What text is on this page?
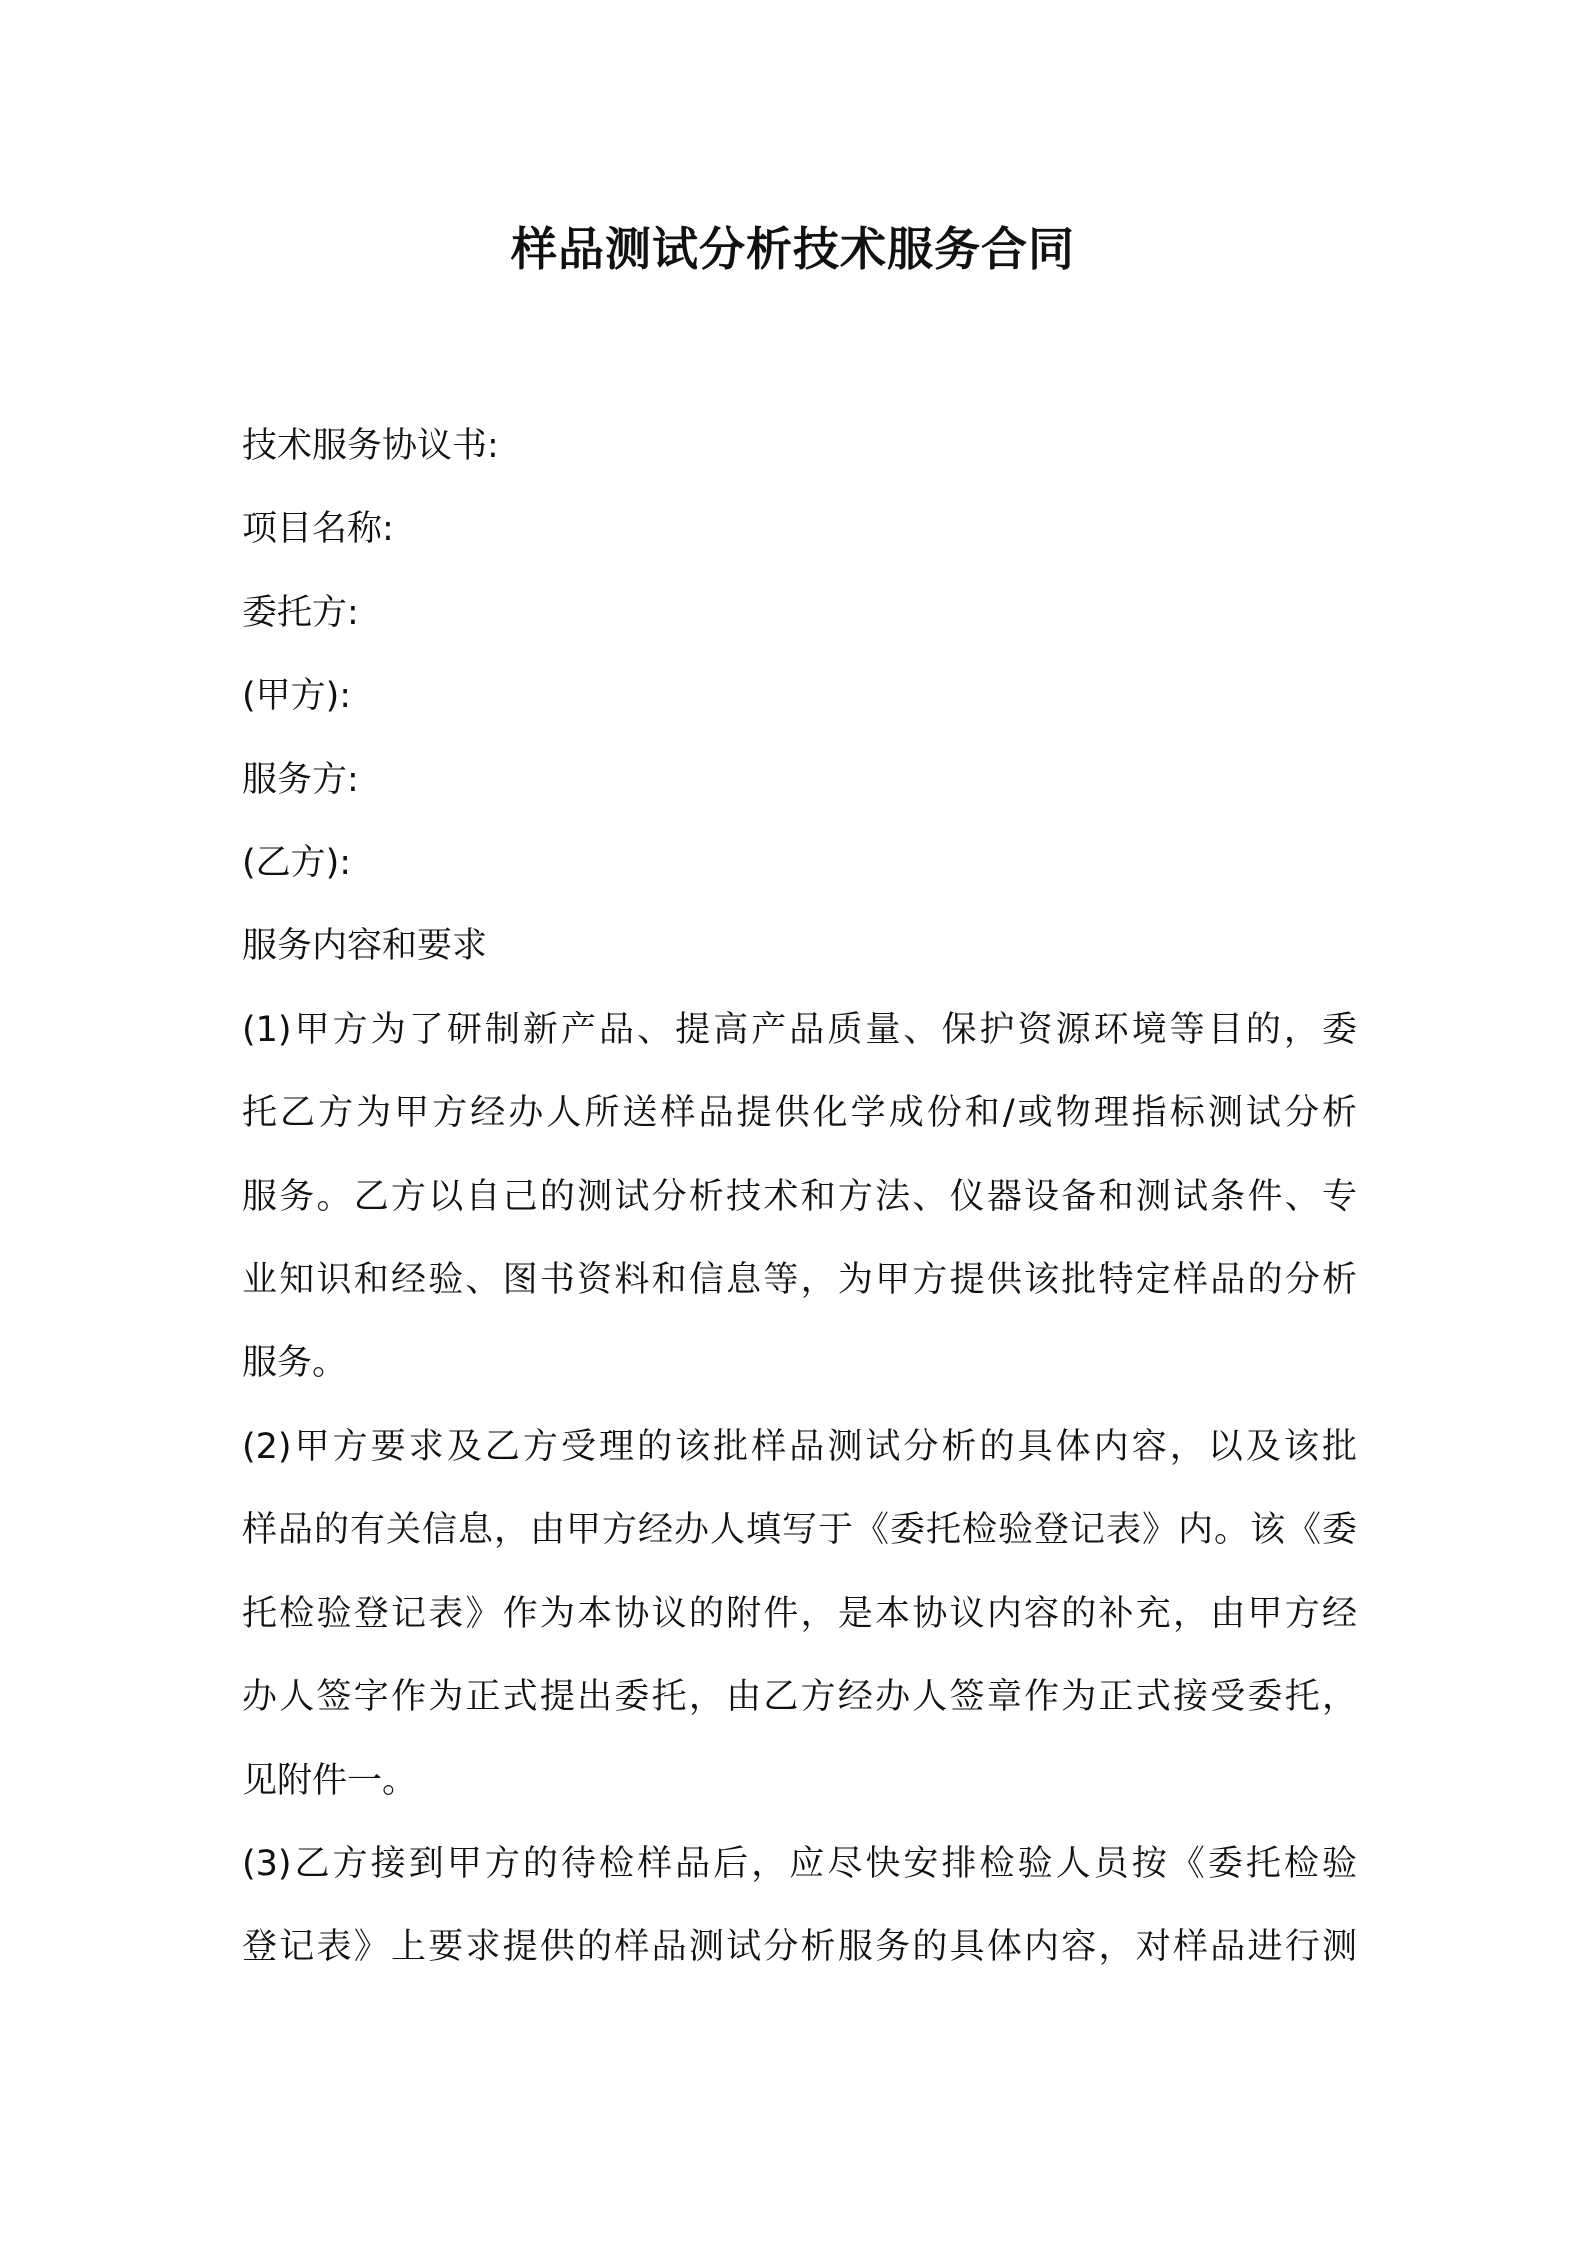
样品测试分析技术服务合同
技术服务协议书:
项目名称:
委托方:
(甲方):
服务方:
(乙方):
服务内容和要求
(1)甲方为了研制新产品、提高产品质量、保护资源环境等目的，委
托乙方为甲方经办人所送样品提供化学成份和/或物理指标测试分析
服务。乙方以自己的测试分析技术和方法、仪器设备和测试条件、专
业知识和经验、图书资料和信息等，为甲方提供该批特定样品的分析
服务。
(2)甲方要求及乙方受理的该批样品测试分析的具体内容，以及该批
样品的有关信息，由甲方经办人填写于《委托检验登记表》内。该《委
托检验登记表》作为本协议的附件，是本协议内容的补充，由甲方经
办人签字作为正式提出委托，由乙方经办人签章作为正式接受委托，
见附件一。
(3)乙方接到甲方的待检样品后，应尽快安排检验人员按《委托检验
登记表》上要求提供的样品测试分析服务的具体内容，对样品进行测
